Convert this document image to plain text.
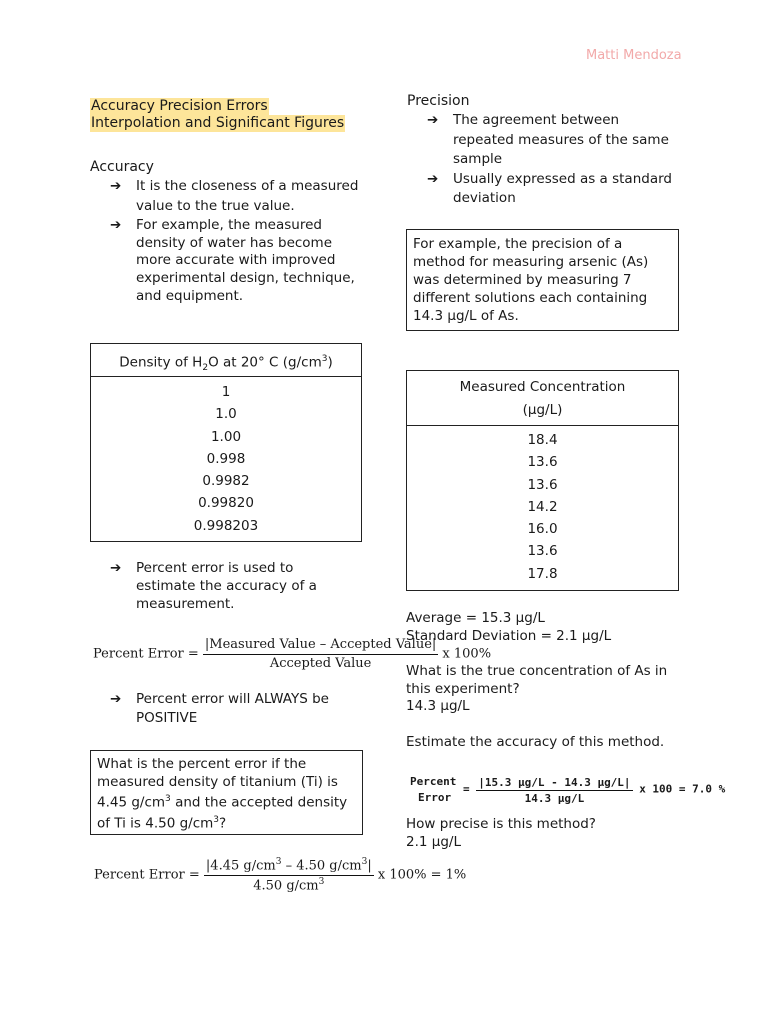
Matti Mendoza
Accuracy Precision Errors
Interpolation and Significant Figures
Accuracy
➔ It is the closeness of a measured value to the true value.
➔ For example, the measured density of water has become more accurate with improved experimental design, technique, and equipment.
Density of $H_2O$ at 20° C $(g/cm^3)$
1
1.0
1.00
0.998
0.9982
0.99820
0.998203
➔ Percent error is used to estimate the accuracy of a measurement.
Percent Error = $\frac{\text{|Measured Value – Accepted Value|}}{\text{Accepted Value}}$ x 100%
➔ Percent error will ALWAYS be POSITIVE
What is the percent error if the measured density of titanium (Ti) is 4.45 $g/cm^3$ and the accepted density of Ti is 4.50 $g/cm^3$?
Percent Error = $\frac{|4.45 g/cm^3 - 4.50 g/cm^3|}{4.50 g/cm^3}$ x 100% = 1%
Precision
➔ The agreement between repeated measures of the same sample
➔ Usually expressed as a standard deviation
For example, the precision of a method for measuring arsenic (As) was determined by measuring 7 different solutions each containing 14.3 µg/L of As.
Measured Concentration
(µg/L)
18.4
13.6
13.6
14.2
16.0
13.6
17.8
Average = 15.3 µg/L
Standard Deviation = 2.1 µg/L
What is the true concentration of As in this experiment?
14.3 µg/L
Estimate the accuracy of this method.
Percent
Error
= $\frac{\text{|15.3 µg/L - 14.3 µg/L|}}{\text{14.3 µg/L}}$ x 100 = 7.0 %
How precise is this method?
2.1 µg/L
